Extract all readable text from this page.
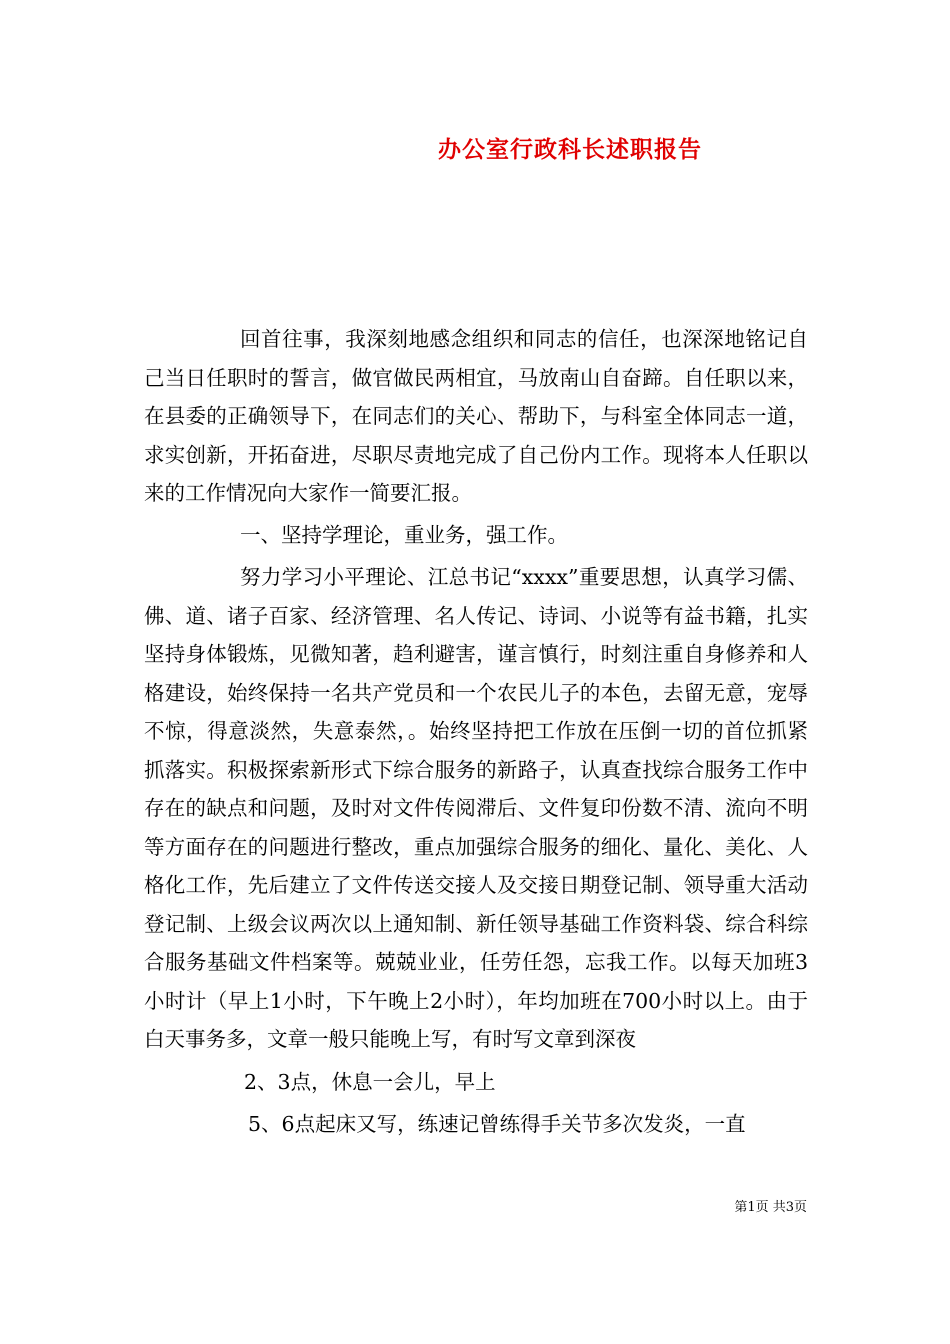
办公室行政科长述职报告

回首往事，我深刻地感念组织和同志的信任，也深深地铭记自己当日任职时的誓言，做官做民两相宜，马放南山自奋蹄。自任职以来，在县委的正确领导下，在同志们的关心、帮助下，与科室全体同志一道，求实创新，开拓奋进，尽职尽责地完成了自己份内工作。现将本人任职以来的工作情况向大家作一简要汇报。

一、坚持学理论，重业务，强工作。

努力学习小平理论、江总书记“xxxx”重要思想，认真学习儒、佛、道、诸子百家、经济管理、名人传记、诗词、小说等有益书籍，扎实坚持身体锻炼，见微知著，趋利避害，谨言慎行，时刻注重自身修养和人格建设，始终保持一名共产党员和一个农民儿子的本色，去留无意，宠辱不惊，得意淡然，失意泰然，。始终坚持把工作放在压倒一切的首位抓紧抓落实。积极探索新形式下综合服务的新路子，认真查找综合服务工作中存在的缺点和问题，及时对文件传阅滞后、文件复印份数不清、流向不明等方面存在的问题进行整改，重点加强综合服务的细化、量化、美化、人格化工作，先后建立了文件传送交接人及交接日期登记制、领导重大活动登记制、上级会议两次以上通知制、新任领导基础工作资料袋、综合科综合服务基础文件档案等。兢兢业业，任劳任怨，忘我工作。以每天加班3小时计（早上1小时，下午晚上2小时），年均加班在700小时以上。由于白天事务多，文章一般只能晚上写，有时写文章到深夜

2、3点，休息一会儿，早上

5、6点起床又写，练速记曾练得手关节多次发炎，一直

第1页 共3页
